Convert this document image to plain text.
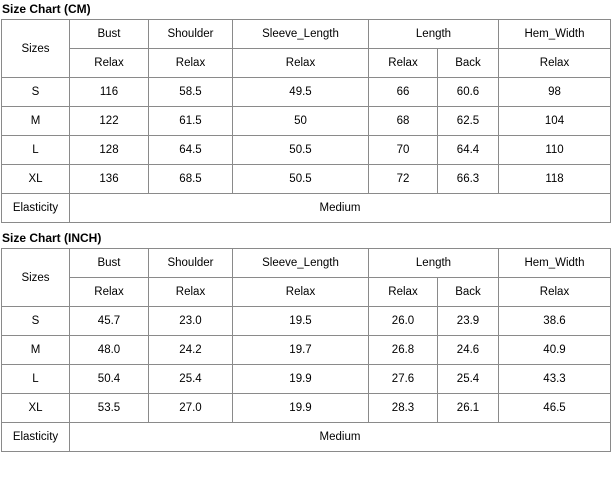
Size Chart (CM)
Sizes	Bust	Shoulder	Sleeve_Length	Length		Hem_Width
	Relax	Relax	Relax	Relax	Back	Relax
S	116	58.5	49.5	66	60.6	98
M	122	61.5	50	68	62.5	104
L	128	64.5	50.5	70	64.4	110
XL	136	68.5	50.5	72	66.3	118
Elasticity	Medium					
Size Chart (INCH)
Sizes	Bust	Shoulder	Sleeve_Length	Length		Hem_Width
	Relax	Relax	Relax	Relax	Back	Relax
S	45.7	23.0	19.5	26.0	23.9	38.6
M	48.0	24.2	19.7	26.8	24.6	40.9
L	50.4	25.4	19.9	27.6	25.4	43.3
XL	53.5	27.0	19.9	28.3	26.1	46.5
Elasticity	Medium					
